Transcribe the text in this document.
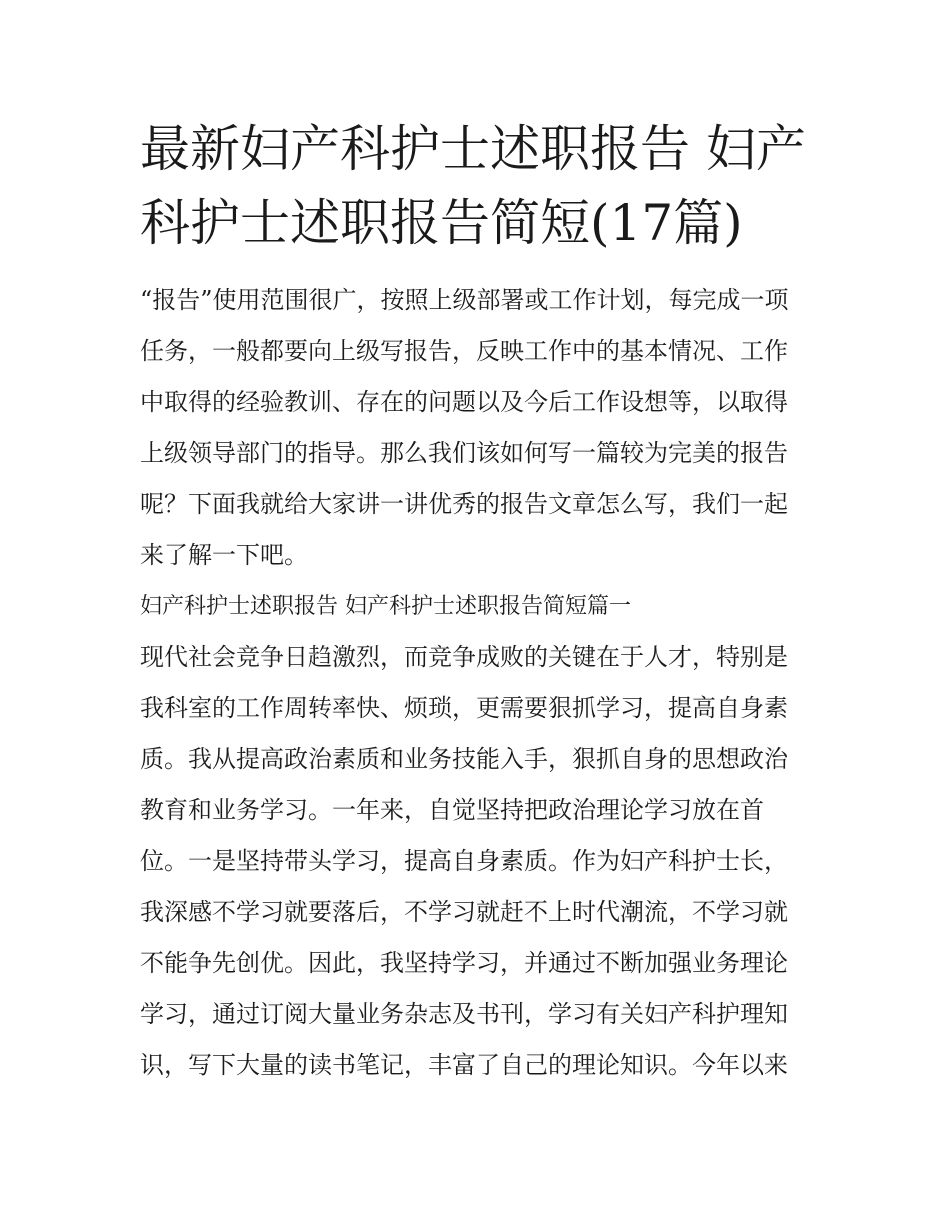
最新妇产科护士述职报告 妇产
科护士述职报告简短(17篇)

“报告”使用范围很广，按照上级部署或工作计划，每完成一项
任务，一般都要向上级写报告，反映工作中的基本情况、工作
中取得的经验教训、存在的问题以及今后工作设想等，以取得
上级领导部门的指导。那么我们该如何写一篇较为完美的报告
呢？下面我就给大家讲一讲优秀的报告文章怎么写，我们一起
来了解一下吧。

妇产科护士述职报告 妇产科护士述职报告简短篇一

现代社会竞争日趋激烈，而竞争成败的关键在于人才，特别是
我科室的工作周转率快、烦琐，更需要狠抓学习，提高自身素
质。我从提高政治素质和业务技能入手，狠抓自身的思想政治
教育和业务学习。一年来，自觉坚持把政治理论学习放在首
位。一是坚持带头学习，提高自身素质。作为妇产科护士长，
我深感不学习就要落后，不学习就赶不上时代潮流，不学习就
不能争先创优。因此，我坚持学习，并通过不断加强业务理论
学习，通过订阅大量业务杂志及书刊，学习有关妇产科护理知
识，写下大量的读书笔记，丰富了自己的理论知识。今年以来
